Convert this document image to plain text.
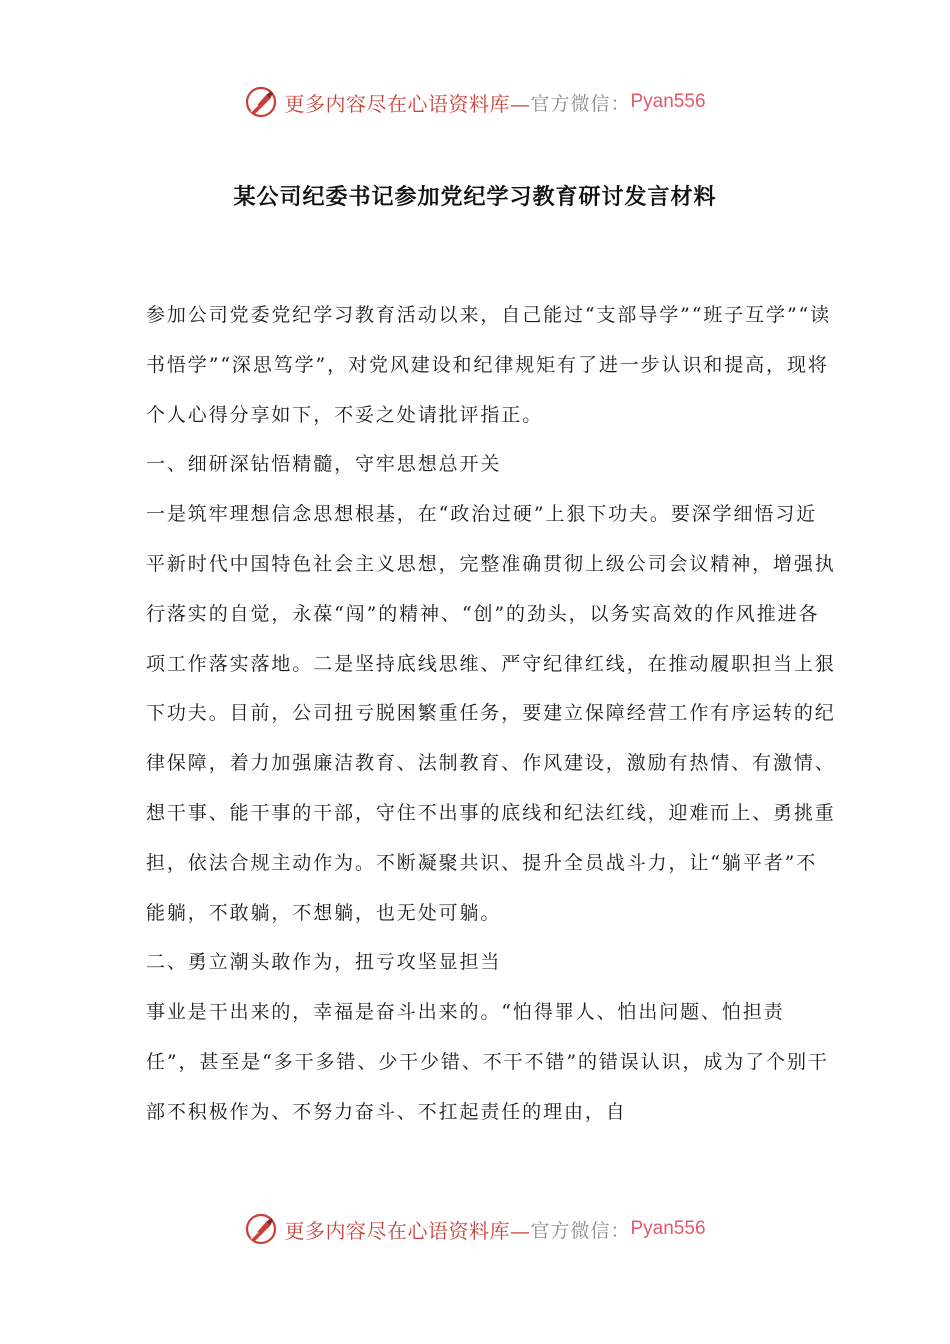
更多内容尽在心语资料库— 官方微信： Pyan556
某公司纪委书记参加党纪学习教育研讨发言材料

参加公司党委党纪学习教育活动以来，自己能过“支部导学”“班子互学”“读书悟学”“深思笃学”，对党风建设和纪律规矩有了进一步认识和提高，现将个人心得分享如下，不妥之处请批评指正。

一、细研深钻悟精髓，守牢思想总开关

一是筑牢理想信念思想根基，在“政治过硬”上狠下功夫。要深学细悟习近平新时代中国特色社会主义思想，完整准确贯彻上级公司会议精神，增强执行落实的自觉，永葆“闯”的精神、“创”的劲头，以务实高效的作风推进各项工作落实落地。二是坚持底线思维、严守纪律红线，在推动履职担当上狠下功夫。目前，公司扭亏脱困繁重任务，要建立保障经营工作有序运转的纪律保障，着力加强廉洁教育、法制教育、作风建设，激励有热情、有激情、想干事、能干事的干部，守住不出事的底线和纪法红线，迎难而上、勇挑重担，依法合规主动作为。不断凝聚共识、提升全员战斗力，让“躺平者”不能躺，不敢躺，不想躺，也无处可躺。

二、勇立潮头敢作为，扭亏攻坚显担当

事业是干出来的，幸福是奋斗出来的。“怕得罪人、怕出问题、怕担责任”，甚至是“多干多错、少干少错、不干不错”的错误认识，成为了个别干部不积极作为、不努力奋斗、不扛起责任的理由，自

更多内容尽在心语资料库— 官方微信： Pyan556
